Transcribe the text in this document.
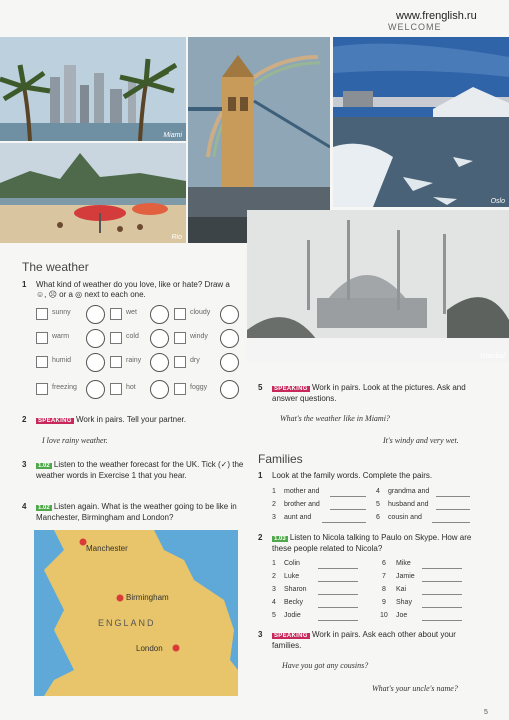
www.frenglish.ru
WELCOME
Miami
Rio
Oslo
Istanbul
The weather
1 What kind of weather do you love, like or hate? Draw a ☺, ☹ or a ◎ next to each one.
sunny	wet	cloudy
warm	cold	windy
humid	rainy	dry
freezing	hot	foggy
2	SPEAKING Work in pairs. Tell your partner.
I love rainy weather.
3	1.02 Listen to the weather forecast for the UK. Tick (✓) the weather words in Exercise 1 that you hear.
4	1.02 Listen again. What is the weather going to be like in Manchester, Birmingham and London?
Manchester
Birmingham
ENGLAND
London
5	SPEAKING Work in pairs. Look at the pictures. Ask and answer questions.
What's the weather like in Miami?
It's windy and very wet.
Families
1 Look at the family words. Complete the pairs.
1 mother and	4 grandma and
2 brother and	5 husband and
3 aunt and	6 cousin and
2	1.03 Listen to Nicola talking to Paulo on Skype. How are these people related to Nicola?
1 Colin	6 Mike
2 Luke	7 Jamie
3 Sharon	8 Kai
4 Becky	9 Shay
5 Jodie	10 Joe
3	SPEAKING Work in pairs. Ask each other about your families.
Have you got any cousins?
What's your uncle's name?
5
